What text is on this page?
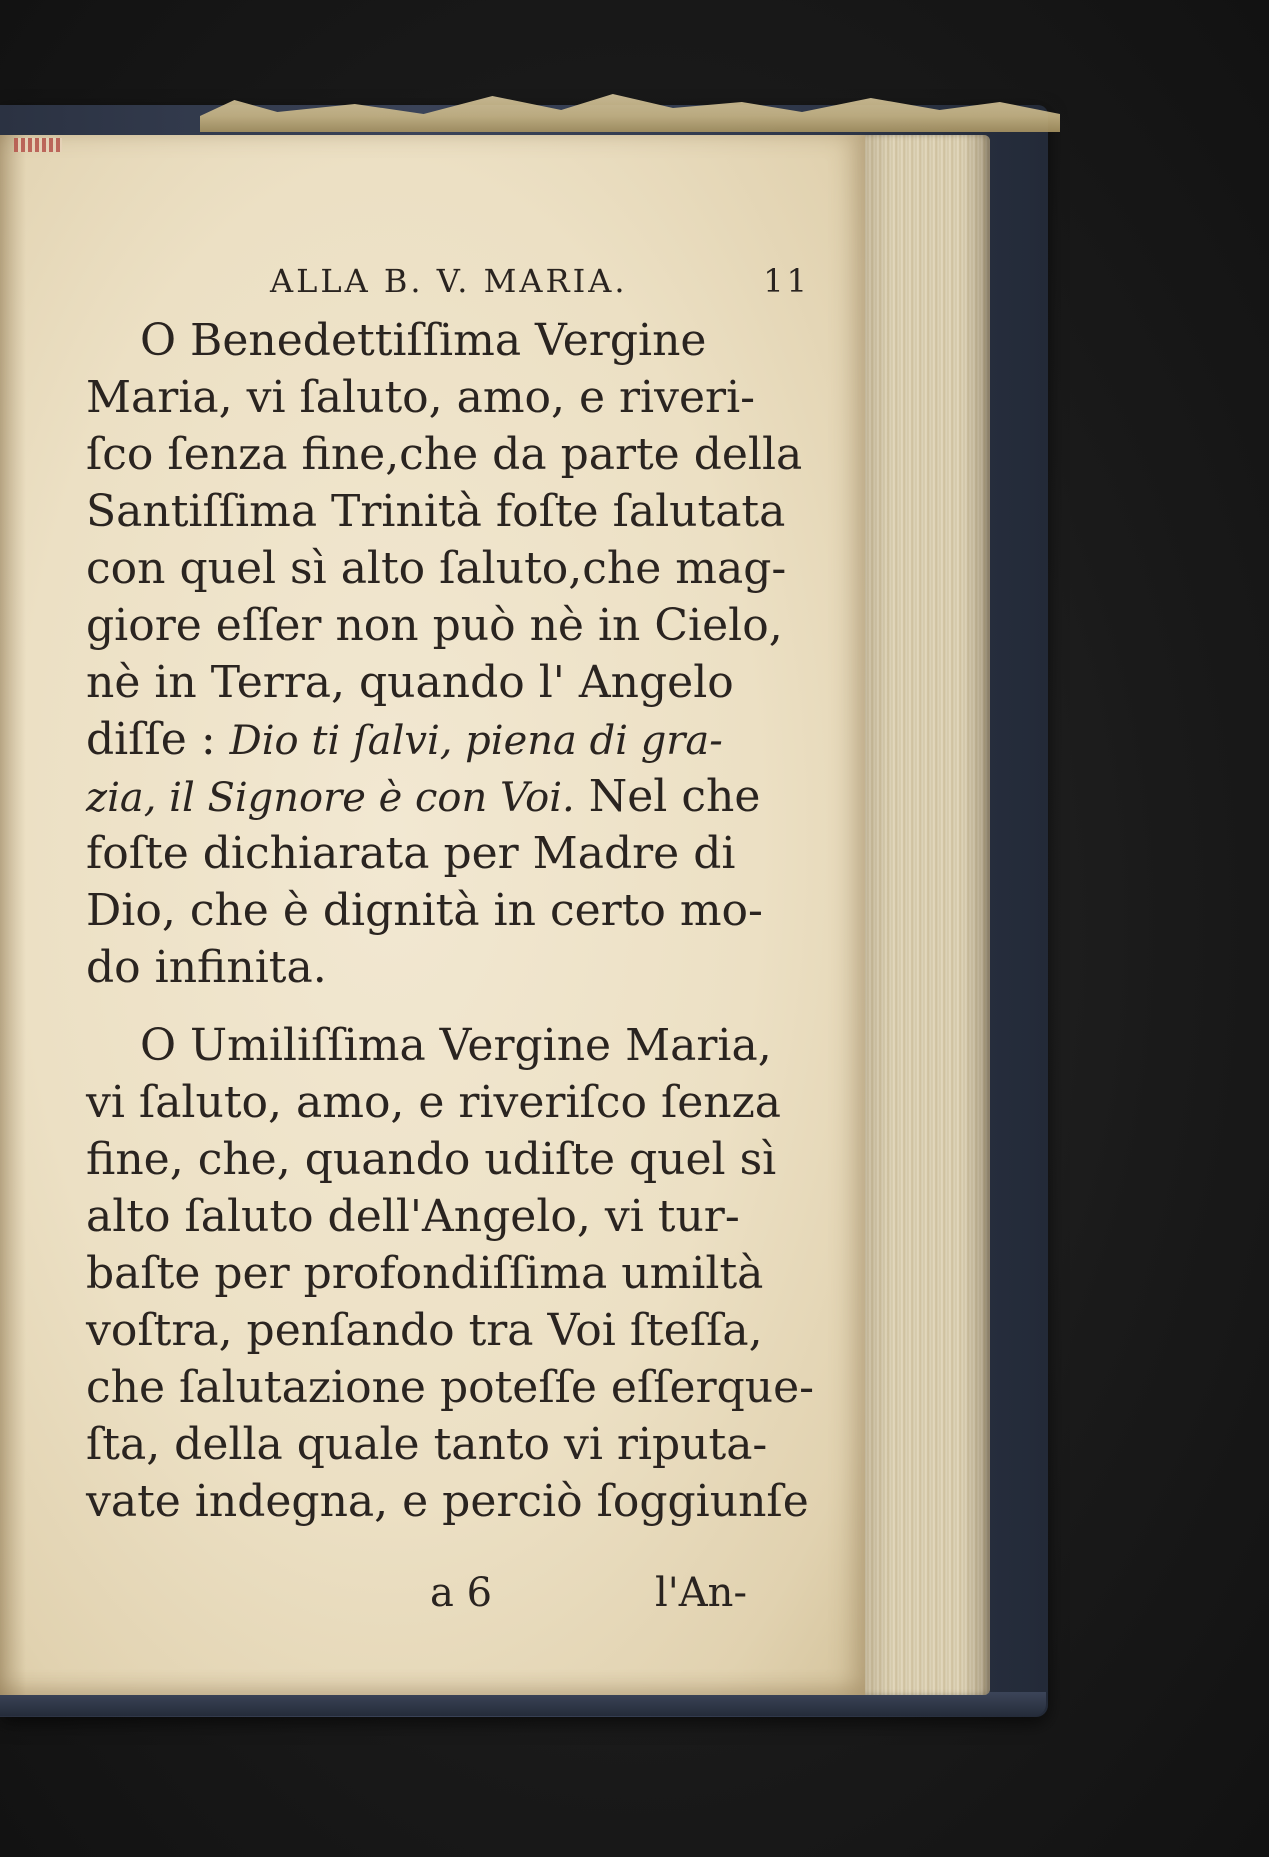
ALLA B. V. MARIA.	11
O Benedettiſſima Vergine
Maria, vi ſaluto, amo, e riveri-
ſco ſenza fine,che da parte della
Santiſſima Trinità foſte ſalutata
con quel sì alto ſaluto,che mag-
giore eſſer non può nè in Cielo,
nè in Terra, quando l' Angelo
diſſe : Dio ti ſalvi, piena di gra-
zia, il Signore è con Voi. Nel che
foſte dichiarata per Madre di
Dio, che è dignità in certo mo-
do infinita.
O Umiliſſima Vergine Maria,
vi ſaluto, amo, e riveriſco ſenza
fine, che, quando udiſte quel sì
alto ſaluto dell'Angelo, vi tur-
baſte per profondiſſima umiltà
voſtra, penſando tra Voi ſteſſa,
che ſalutazione poteſſe eſſerque-
ſta, della quale tanto vi riputa-
vate indegna, e perciò ſoggiunſe
a 6	l'An-
